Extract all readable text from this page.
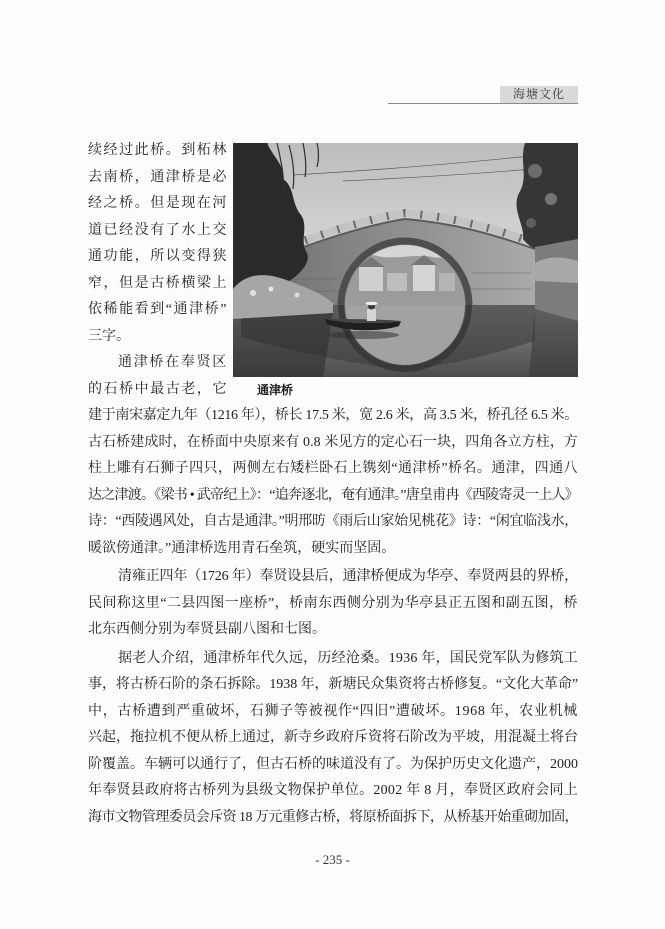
海塘文化
通津桥
续经过此桥。到柘林
去南桥，通津桥是必
经之桥。但是现在河
道已经没有了水上交
通功能，所以变得狭
窄，但是古桥横梁上
依稀能看到“通津桥”
三字。
通津桥在奉贤区
的石桥中最古老，它
建于南宋嘉定九年（1216 年），桥长 17.5 米，宽 2.6 米，高 3.5 米，桥孔径 6.5 米。
古石桥建成时，在桥面中央原来有 0.8 米见方的定心石一块，四角各立方柱，方
柱上雕有石狮子四只，两侧左右矮栏卧石上镌刻“通津桥”桥名。通津，四通八
达之津渡。《梁书 • 武帝纪上》：“追奔逐北，奄有通津。”唐皇甫冉《西陵寄灵一上人》
诗：“西陵遇风处，自古是通津。”明邢昉《雨后山家始见桃花》诗：“闲宜临浅水，
暖欲傍通津。”通津桥选用青石垒筑，硬实而坚固。
清雍正四年（1726 年）奉贤设县后，通津桥便成为华亭、奉贤两县的界桥，
民间称这里“二县四图一座桥”，桥南东西侧分别为华亭县正五图和副五图，桥
北东西侧分别为奉贤县副八图和七图。
据老人介绍，通津桥年代久远，历经沧桑。1936 年，国民党军队为修筑工
事，将古桥石阶的条石拆除。1938 年，新塘民众集资将古桥修复。“文化大革命”
中，古桥遭到严重破坏，石狮子等被视作“四旧”遭破坏。1968 年，农业机械
兴起，拖拉机不便从桥上通过，新寺乡政府斥资将石阶改为平坡，用混凝土将台
阶覆盖。车辆可以通行了，但古石桥的味道没有了。为保护历史文化遗产，2000
年奉贤县政府将古桥列为县级文物保护单位。2002 年 8 月，奉贤区政府会同上
海市文物管理委员会斥资 18 万元重修古桥，将原桥面拆下，从桥基开始重砌加固，
- 235 -
